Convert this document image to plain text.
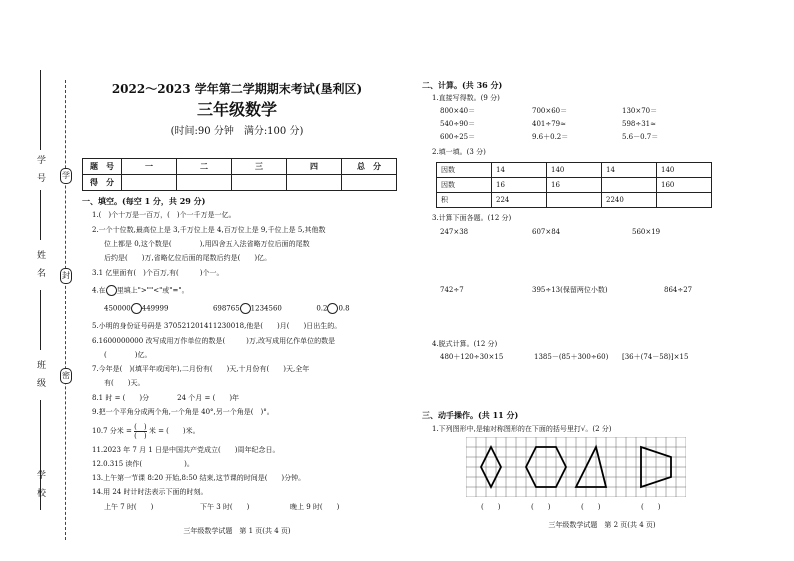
学　号
姓　名
班　级
学　校
学
封
密
2022～2023 学年第二学期期末考试(垦利区)
三年级数学
(时间:90 分钟　满分:100 分)
题　号	一	二	三	四	总　分
得　分					
一、填空。(每空 1 分，共 29 分)
1.(　)个十万是一百万，(　)个一千万是一亿。
2.一个十位数,最高位上是 3,千万位上是 4,百万位上是 9,千位上是 5,其他数
位上都是 0,这个数是(　　　　),用四舍五入法省略万位后面的尾数
后约是(　　)万,省略亿位后面的尾数后约是(　　)亿。
3.1 亿里面有(　)个百万,有(　　　)个一。
4.在 里填上">""<"或"="。
450000 449999	698765 1234560	0.2 0.8
5.小明的身份证号码是 370521201411230018,他是(　　)月(　　)日出生的。
6.1600000000 改写成用万作单位的数是(　　　)万,改写成用亿作单位的数是
(　　　　)亿。
7.今年是(　)(填平年或闰年),二月份有(　　)天,十月份有(　　)天,全年
有(　　)天。
8.1 时 = (　　)分　　　　24 个月 = (　　)年
9.把一个平角分成两个角,一个角是 40°,另一个角是(　)°。
10.7 分米 = (　)
(　)
米 = (　　)米。
11.2023 年 7 月 1 日是中国共产党成立(　　)周年纪念日。
12.0.315 读作(　　　　　　)。
13.上午第一节课 8:20 开始,8:50 结束,这节课的时间是(　　)分钟。
14.用 24 时计时法表示下面的时刻。
上午 7 时(　　)	下午 3 时(　　)	晚上 9 时(　　)
三年级数学试题　第 1 页(共 4 页)
二、计算。(共 36 分)
1.直接写得数。(9 分)
800×40＝	700×60＝	130×70＝
540÷90＝	401÷79≈	598÷31≈
600÷25＝	9.6＋0.2＝	5.6－0.7＝
2.填一填。(3 分)
因数	14	140	14	140
因数	16	16		160
积	224		2240	
3.计算下面各题。(12 分)
247×38	607×84	560×19
742÷7	395÷13(保留两位小数)	864÷27
4.脱式计算。(12 分)
480＋120÷30×15	1385－(85＋300÷60) [36＋(74－58)]×15
三、动手操作。(共 11 分)
1.下列图形中,是轴对称图形的在下面的括号里打√。(2 分)
(　　)	(　　)	(　　)	(　　)
三年级数学试题　第 2 页(共 4 页)
